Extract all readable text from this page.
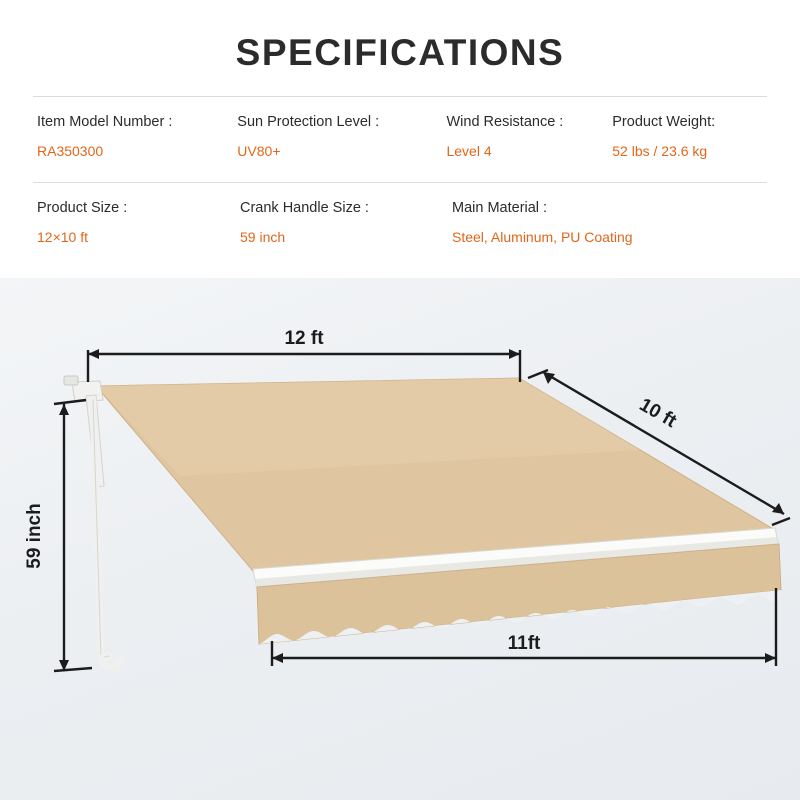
SPECIFICATIONS
Item Model Number :
RA350300
Sun Protection Level :
UV80+
Wind Resistance :
Level 4
Product Weight:
52 lbs / 23.6 kg
Product Size :
12×10 ft
Crank Handle Size :
59 inch
Main Material :
Steel, Aluminum, PU Coating
12 ft
10 ft
59 inch
11ft
